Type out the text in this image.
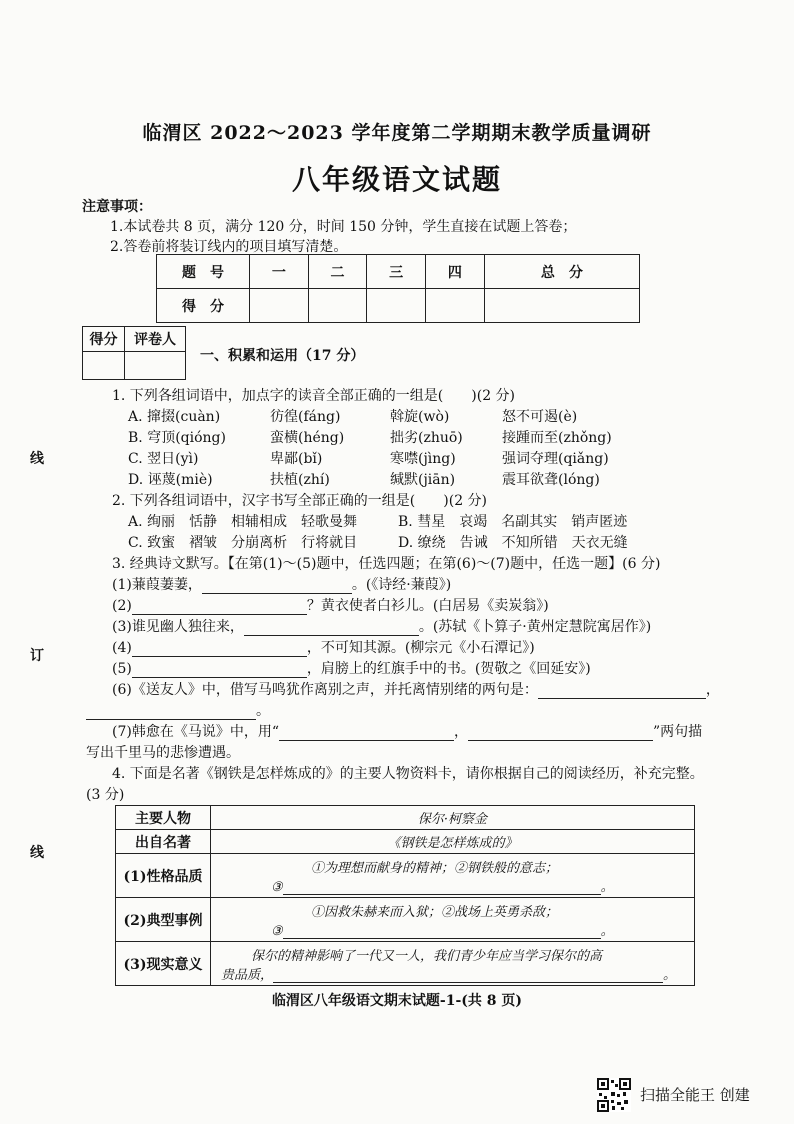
临渭区 2022～2023 学年度第二学期期末教学质量调研
八年级语文试题
注意事项：
1.本试卷共 8 页，满分 120 分，时间 150 分钟，学生直接在试题上答卷；
2.答卷前将装订线内的项目填写清楚。
线
订
线
题　号	一	二	三	四	总　分
得　分					
得分	评卷人

一、积累和运用（17 分）
1. 下列各组词语中，加点字的读音全部正确的一组是(　　)(2 分)
A. 撺掇(cuàn)	彷徨(fáng)	斡旋(wò)	怒不可遏(è)
B. 穹顶(qióng)	蛮横(héng)	拙劣(zhuō)	接踵而至(zhǒng)
C. 翌日(yì)	卑鄙(bǐ)	寒噤(jìng)	强词夺理(qiǎng)
D. 诬蔑(miè)	扶植(zhí)	缄默(jiān)	震耳欲聋(lóng)
2. 下列各组词语中，汉字书写全部正确的一组是(　　)(2 分)
A. 绚丽　恬静　相辅相成　轻歌曼舞	B. 彗星　哀竭　名副其实　销声匿迹
C. 致蜜　褶皱　分崩离析　行将就目	D. 缭绕　告诫　不知所错　天衣无缝
3. 经典诗文默写。【在第(1)～(5)题中，任选四题；在第(6)～(7)题中，任选一题】(6 分)
(1)蒹葭萋萋，	。(《诗经·蒹葭》)
(2)	？黄衣使者白衫儿。(白居易《卖炭翁》)
(3)谁见幽人独往来，	。(苏轼《卜算子·黄州定慧院寓居作》)
(4)	，不可知其源。(柳宗元《小石潭记》)
(5)	，肩膀上的红旗手中的书。(贺敬之《回延安》)
(6)《送友人》中，借写马鸣犹作离别之声，并托离情别绪的两句是：	，
。
(7)韩愈在《马说》中，用“	，	”两句描
写出千里马的悲惨遭遇。
4. 下面是名著《钢铁是怎样炼成的》的主要人物资料卡，请你根据自己的阅读经历，补充完整。
(3 分)
主要人物	保尔·柯察金
出自名著	《钢铁是怎样炼成的》
(1)性格品质	①为理想而献身的精神；②钢铁般的意志；
③ 。

(2)典型事例	①因救朱赫来而入狱；②战场上英勇杀敌；
③ 。

(3)现实意义	保尔的精神影响了一代又一人，我们青少年应当学习保尔的高
贵品质， 。
临渭区八年级语文期末试题-1-(共 8 页)
扫描全能王 创建
